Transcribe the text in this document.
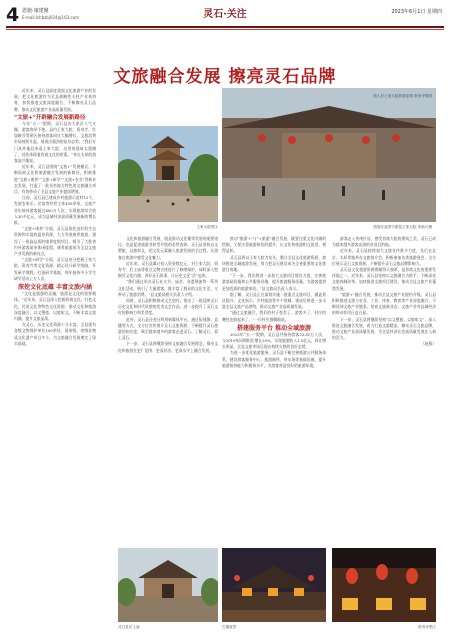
4 恩施·康建聚
E-mail:lshbzbj024@163.com	灵石·关注	2023年6月1日 星期四
文旅融合发展 擦亮灵石品牌

近年来，灵石县高度重视文化旅游产业的发展，把文化旅游作为全县战略性支柱产业来培育，加快推进文旅深度融合，不断擦亮灵石品牌，推动文化旅游产业高质量发展。

“文旅+”开辟融合发展新路径

今年“五一”假期，灵石县各大景区人气火爆，游客络绎不绝。县内王家大院、资寿寺、红崖峡谷等景区接待游客同比大幅增长，文旅消费市场持续升温，展现出强劲的复苏态势。“我们专门从外地赶来看王家大院，这里的建筑太震撼了，处处体现着晋商文化的厚重。”来自太原的游客高兴地说。

近年来，灵石县围绕“文旅+”发展模式，不断拓展文化和旅游融合发展的新路径，积极推进“文旅+康养”“文旅+研学”“文旅+农业”等新业态发展，打造了一批具有地方特色的文旅融合项目，有效带动了全县文旅产业提质增效。

目前，灵石县已建成乡村旅游示范村12个，发展农家乐、民宿等经营主体100余家，文旅产业年接待游客超过400万人次，实现旅游综合收入30多亿元，成为县域经济高质量发展新的增长极。

“文旅+康养”方面，灵石县依托良好的生态资源和丰富的温泉资源，大力发展康养旅游，建设了一批高品质的康养度假项目，吸引了大批省内外游客前来休闲度假，康养旅游成为全县文旅产业发展的新亮点。

“文旅+研学”方面，灵石县充分挖掘王家大院、资寿寺等文化资源，精心设计研学线路，开发研学课程，打造研学基地，每年接待中小学生研学活动上万人次。

深挖文化底蕴 丰富文旅内涵

“文化是旅游的灵魂，旅游是文化的重要载体。”近年来，灵石县深入挖掘晋商文化、红色文化、民俗文化等特色文化资源，推动文化和旅游深度融合，以文塑旅、以旅彰文，不断丰富文旅内涵，提升文旅品质。

在灵石，历史文化资源十分丰富。全县现有各级文物保护单位100余处，国家级、省级非物质文化遗产项目多个，为文旅融合发展奠定了坚实基础。

王家大院景区
游人在王家大院游览参观 资寿寺供图
游客在夜景中游览王家大院 李新兴摄

文化和旅游融合发展，既是推动文化繁荣发展的重要途径，也是促进旅游业转型升级的必然选择。灵石县坚持以文塑旅、以旅彰文，把文化元素融入旅游发展的全过程，让游客在旅游中感受文化魅力。

近年来，灵石县累计投入资金数亿元，对王家大院、资寿寺、后土庙等重点文物古迹进行了修缮保护，同时深入挖掘其文化内涵，讲好灵石故事，让历史文化“活”起来。

“我们通过举办灵石社火节、庙会、非遗展演等一系列文化活动，吸引了大量游客，既丰富了群众的文化生活，又带动了旅游消费。”县文旅局相关负责人介绍。

同时，灵石县积极推动文艺创作，推出了一批反映灵石历史文化和时代风貌的优秀文艺作品，进一步提升了灵石文化的影响力和美誉度。

此外，灵石县还充分利用新媒体平台，通过短视频、直播等方式，全方位宣传推介灵石文旅资源，不断提升灵石旅游的知名度，吸引越来越多的游客走进灵石、了解灵石、爱上灵石。

下一步，灵石县将继续坚持文旅融合发展理念，推动文化和旅游在更广范围、更深层次、更高水平上融合发展。

推动“旅游+”与“+旅游”融合发展，既要注重文化内涵的挖掘，又要注重旅游体验的提升，让文化和旅游相互促进、相得益彰。

灵石县将以王家大院为龙头，整合全县文化旅游资源，加快推进全域旅游发展，努力把灵石建设成为全省重要的文化旅游目的地。

“下一步，我们将进一步加大文旅项目建设力度，完善旅游基础设施和公共服务设施，提升旅游服务质量，为游客提供更加优质的旅游体验。”县文旅局负责人表示。

据了解，灵石县正在谋划实施一批重点文旅项目，涵盖景区提升、文化展示、乡村旅游等多个领域，建成后将进一步丰富全县文旅产品供给，推动文旅产业高质量发展。

“通过文旅融合，我们的村子变美了，游客多了，村民的腰包也鼓起来了。”一位村民感慨地说。

搭建服务平台 推动全域旅游

2023年“五一”假期，灵石县共接待游客23.81万人次，与2019年同期相比增长29%，实现旅游收入1.5亿元，同比增长明显，全县文旅市场呈现出持续火热的良好态势。

为进一步优化旅游服务，灵石县不断完善旅游公共服务体系，建设游客服务中心、旅游厕所、停车场等基础设施，提升旅游接待能力和服务水平，为游客营造良好的旅游环境。

游客走入传统民居，感受晋商大院的建筑之美，灵石已成为越来越多游客出游的首选目的地。

近年来，灵石县持续加大文旅宣传推介力度，先后在北京、太原等地举办文旅推介会，积极参加各类旅游展会，全方位展示灵石文旅资源，不断提升灵石文旅品牌影响力。

灵石县文化旅游资源禀赋得天独厚，是晋商文化的重要发祥地之一。近年来，灵石县坚持以文旅融合为抓手，不断深化文旅体制改革，加快推进文旅项目建设，推动全县文旅产业蓬勃发展。

“旅游+”融合发展，推动全县文旅产业提档升级。灵石县积极推进文旅与农业、工业、体育、教育等产业深度融合，不断延伸文旅产业链条，培育文旅新业态，文旅产业对县域经济的带动作用日益凸显。

下一步，灵石县将继续坚持“以文塑旅、以旅彰文”，深入推进文旅融合发展，着力打造文旅精品，擦亮灵石文旅品牌，推动文旅产业高质量发展，为全县经济社会高质量发展注入新的活力。

（赵燕）

灵石县后土庙	古镇夜景	资寿寺景区
